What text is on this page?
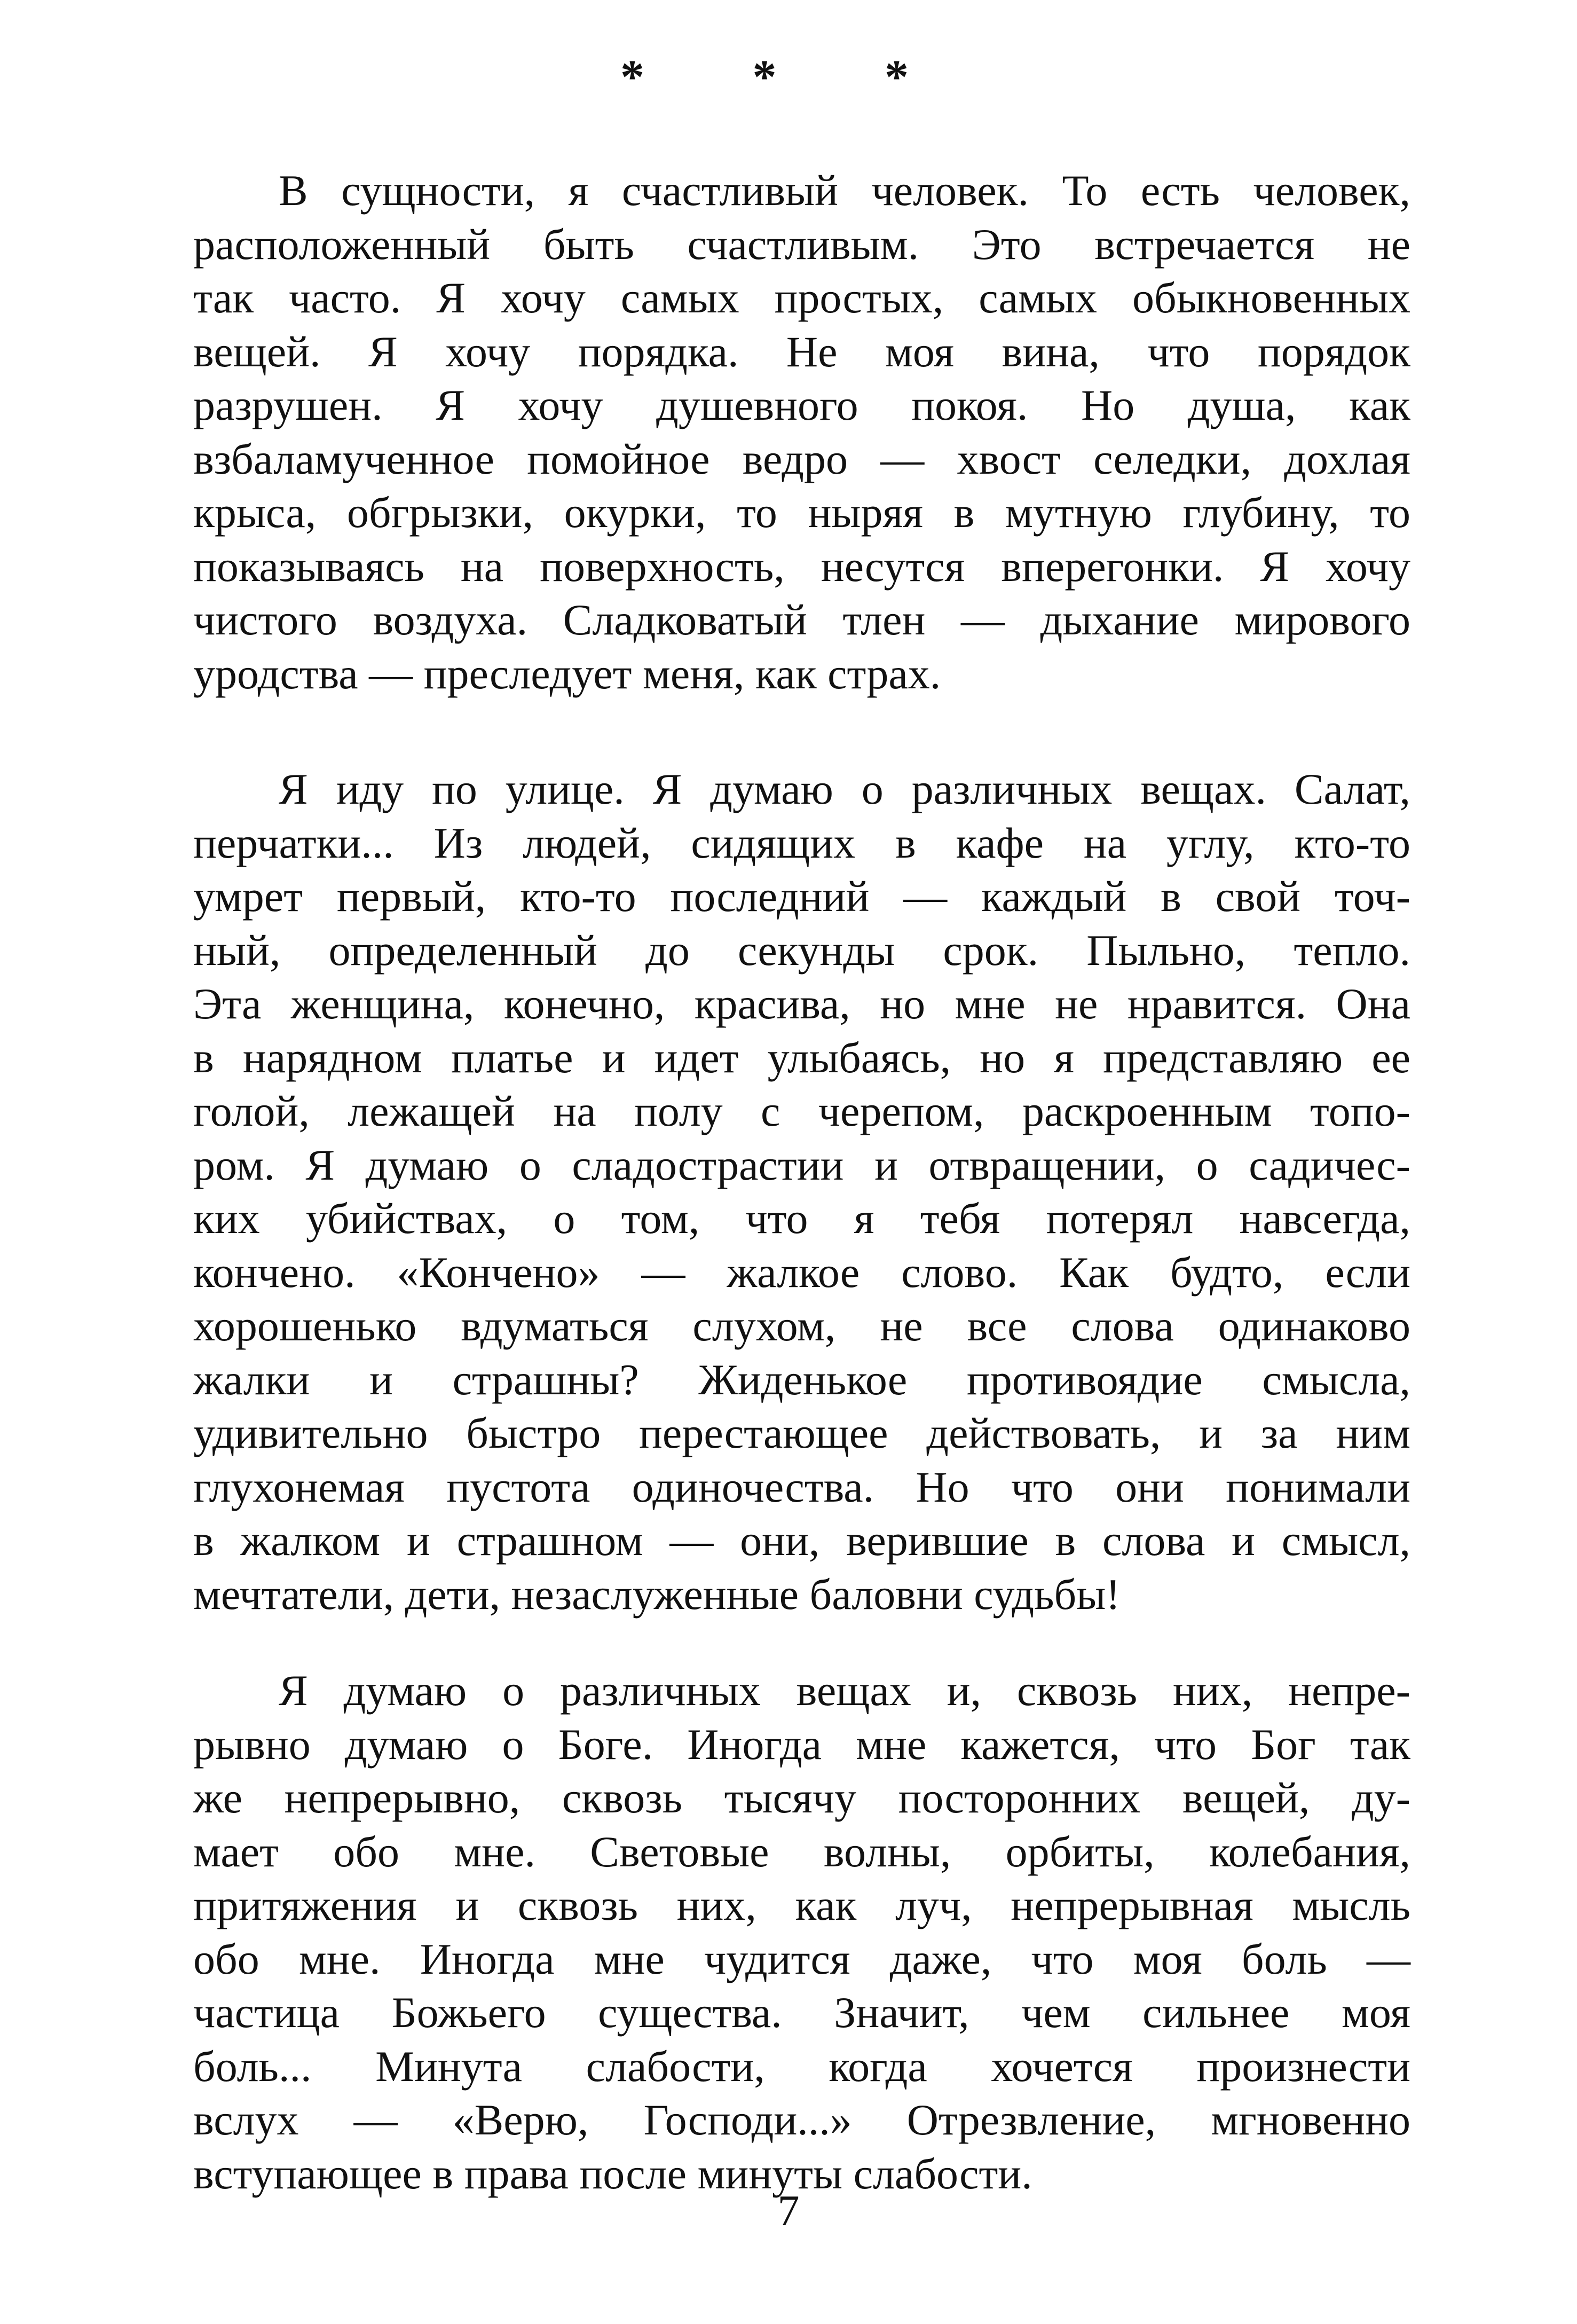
* * *
В сущности, я счастливый человек. То есть человек,
расположенный быть счастливым. Это встречается не
так часто. Я хочу самых простых, самых обыкновенных
вещей. Я хочу порядка. Не моя вина, что порядок
разрушен. Я хочу душевного покоя. Но душа, как
взбаламученное помойное ведро — хвост селедки, дохлая
крыса, обгрызки, окурки, то ныряя в мутную глубину, то
показываясь на поверхность, несутся вперегонки. Я хочу
чистого воздуха. Сладковатый тлен — дыхание мирового
уродства — преследует меня, как страх.
Я иду по улице. Я думаю о различных вещах. Салат,
перчатки... Из людей, сидящих в кафе на углу, кто-то
умрет первый, кто-то последний — каждый в свой точ-
ный, определенный до секунды срок. Пыльно, тепло.
Эта женщина, конечно, красива, но мне не нравится. Она
в нарядном платье и идет улыбаясь, но я представляю ее
голой, лежащей на полу с черепом, раскроенным топо-
ром. Я думаю о сладострастии и отвращении, о садичес-
ких убийствах, о том, что я тебя потерял навсегда,
кончено. «Кончено» — жалкое слово. Как будто, если
хорошенько вдуматься слухом, не все слова одинаково
жалки и страшны? Жиденькое противоядие смысла,
удивительно быстро перестающее действовать, и за ним
глухонемая пустота одиночества. Но что они понимали
в жалком и страшном — они, верившие в слова и смысл,
мечтатели, дети, незаслуженные баловни судьбы!
Я думаю о различных вещах и, сквозь них, непре-
рывно думаю о Боге. Иногда мне кажется, что Бог так
же непрерывно, сквозь тысячу посторонних вещей, ду-
мает обо мне. Световые волны, орбиты, колебания,
притяжения и сквозь них, как луч, непрерывная мысль
обо мне. Иногда мне чудится даже, что моя боль —
частица Божьего существа. Значит, чем сильнее моя
боль... Минута слабости, когда хочется произнести
вслух — «Верю, Господи...» Отрезвление, мгновенно
вступающее в права после минуты слабости.
7
